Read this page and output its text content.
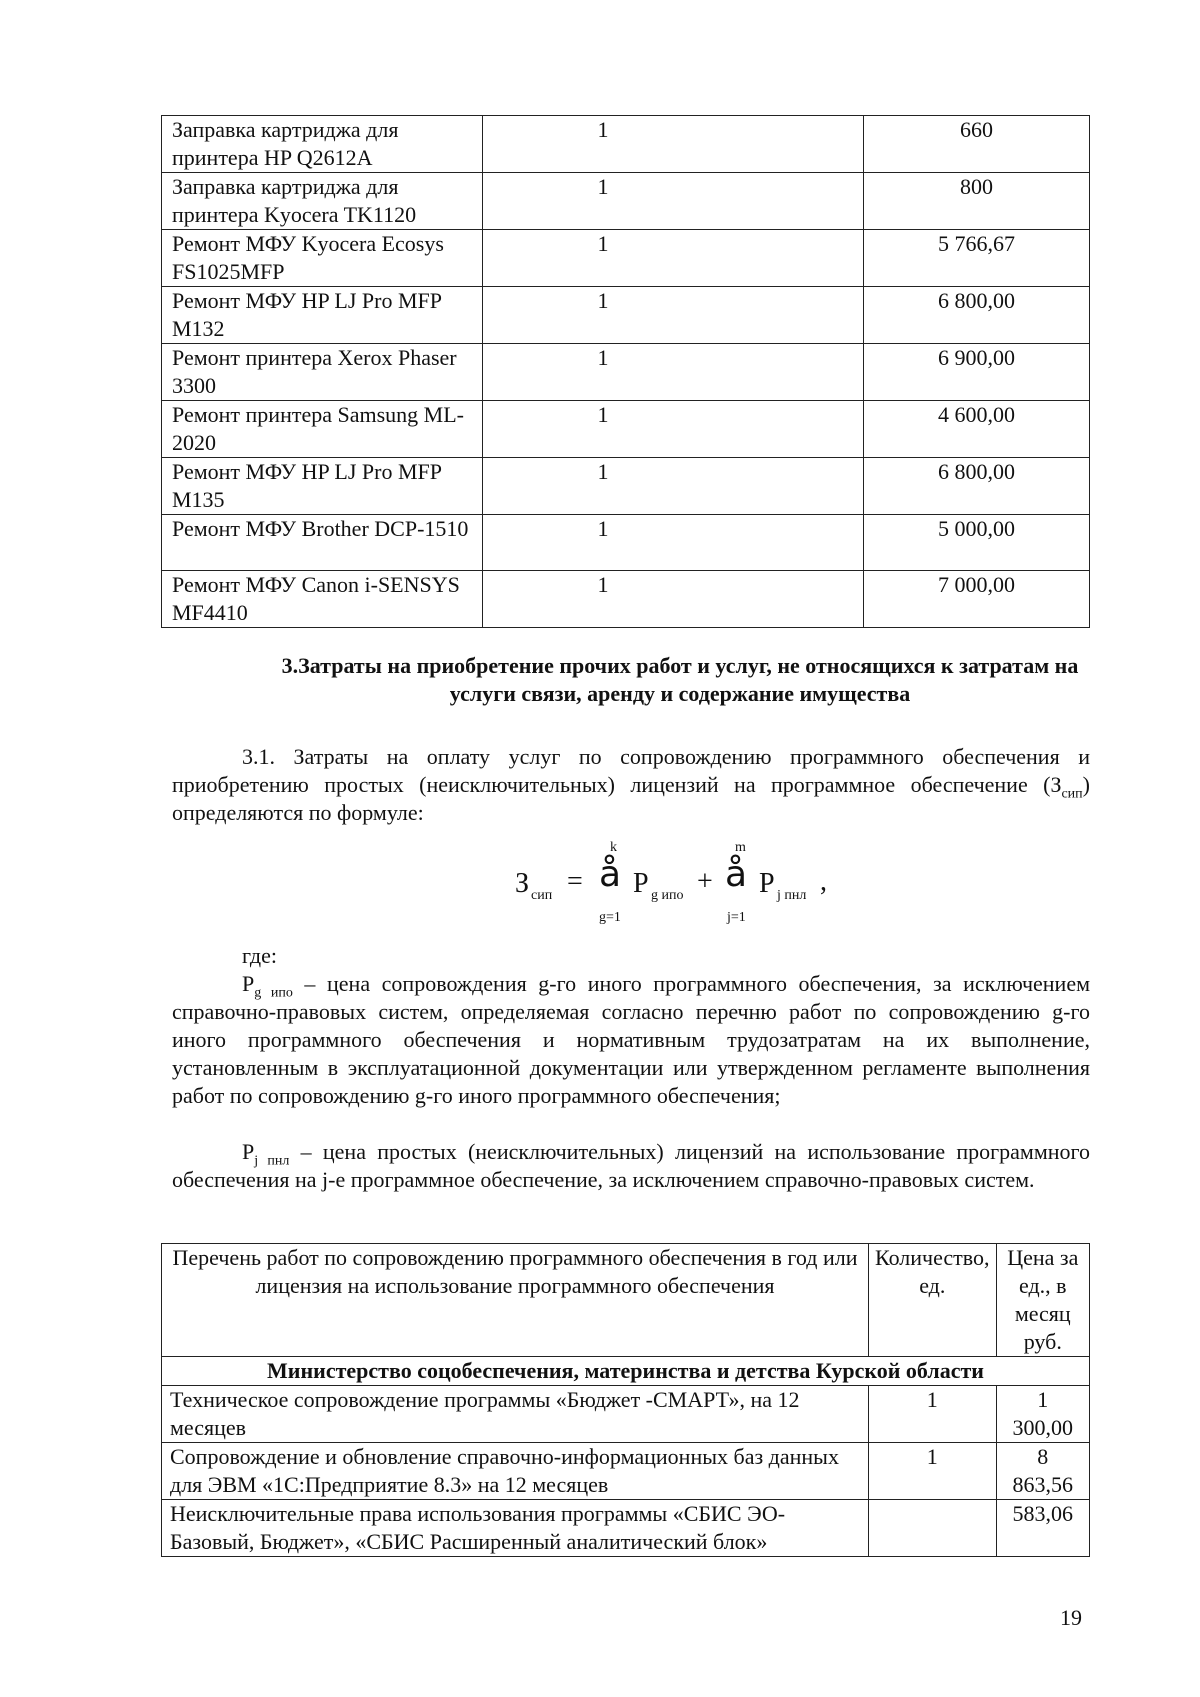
Заправка картриджа для принтера HP Q2612A	1	660
Заправка картриджа для принтера Kyocera TK1120	1	800
Ремонт МФУ Kyocera Ecosys FS1025MFP	1	5 766,67
Ремонт МФУ HP LJ Pro MFP M132	1	6 800,00
Ремонт принтера Xerox Phaser 3300	1	6 900,00
Ремонт принтера Samsung ML-2020	1	4 600,00
Ремонт МФУ HP LJ Pro MFP M135	1	6 800,00
Ремонт МФУ Brother DCP-1510	1	5 000,00
Ремонт МФУ Canon i-SENSYS MF4410	1	7 000,00
3.Затраты на приобретение прочих работ и услуг, не относящихся к затратам на услуги связи, аренду и содержание имущества

3.1. Затраты на оплату услуг по сопровождению программного обеспечения и приобретению простых (неисключительных) лицензий на программное обеспечение $(З_{сип})$ определяются по формуле:

З сип =
k
å
g=1
P g ипо +
m
å
j=1
P j пнл ,

где:

$P_{g ипо}$ – цена сопровождения g-го иного программного обеспечения, за исключением справочно-правовых систем, определяемая согласно перечню работ по сопровождению g-го иного программного обеспечения и нормативным трудозатратам на их выполнение, установленным в эксплуатационной документации или утвержденном регламенте выполнения работ по сопровождению g-го иного программного обеспечения;

$P_{j пнл}$ – цена простых (неисключительных) лицензий на использование программного обеспечения на j-е программное обеспечение, за исключением справочно-правовых систем.

Перечень работ по сопровождению программного обеспечения в год или лицензия на использование программного обеспечения	Количество, ед.	Цена за ед., в месяц руб.
Министерство соцобеспечения, материнства и детства Курской области		
Техническое сопровождение программы «Бюджет -СМАРТ», на 12 месяцев	1	1 300,00
Сопровождение и обновление справочно-информационных баз данных для ЭВМ «1С:Предприятие 8.3» на 12 месяцев	1	8 863,56
Неисключительные права использования программы «СБИС ЭО-Базовый, Бюджет», «СБИС Расширенный аналитический блок»		583,06
19
